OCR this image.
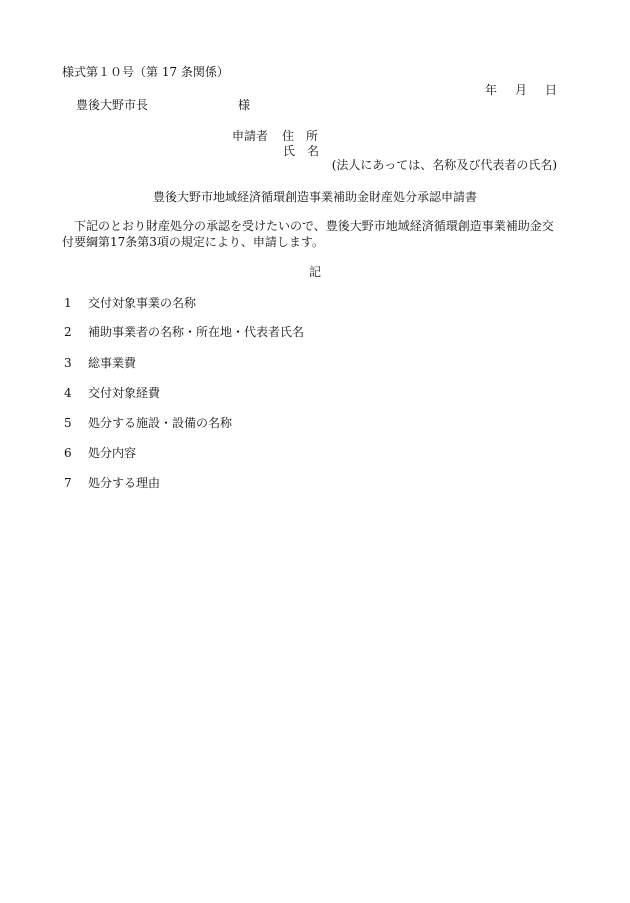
様式第１０号（第 17 条関係）
年 月 日
豊後大野市長	様
申請者 住　所
氏　名
(法人にあっては、名称及び代表者の氏名)
豊後大野市地域経済循環創造事業補助金財産処分承認申請書
下記のとおり財産処分の承認を受けたいので、豊後大野市地域経済循環創造事業補助金交付要綱第17条第3項の規定により、申請します。
記
1 交付対象事業の名称
2 補助事業者の名称・所在地・代表者氏名
3 総事業費
4 交付対象経費
5 処分する施設・設備の名称
6 処分内容
7 処分する理由
